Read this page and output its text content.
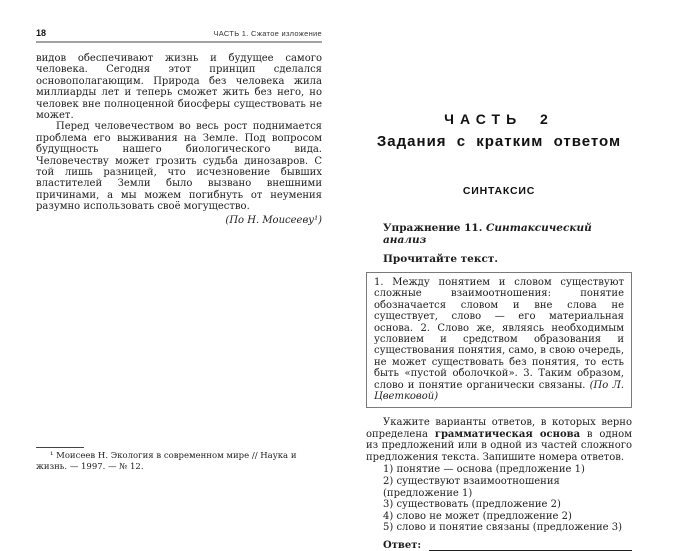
18	ЧАСТЬ 1. Сжатое изложение

видов обеспечивают жизнь и будущее самого человека. Сегодня этот принцип сделался основополагающим. Природа без человека жила миллиарды лет и теперь сможет жить без него, но человек вне полноценной биосферы существовать не может.

Перед человечеством во весь рост поднимается проблема его выживания на Земле. Под вопросом будущность нашего биологического вида. Человечеству может грозить судьба динозавров. С той лишь разницей, что исчезновение бывших властителей Земли было вызвано внешними причинами, а мы можем погибнуть от неумения разумно использовать своё могущество.

(По Н. Моисееву¹)

¹ Моисеев Н. Экология в современном мире // Наука и жизнь. — 1997. — № 12.

ЧАСТЬ 2
Задания с кратким ответом
СИНТАКСИС
Упражнение 11. Синтаксический анализ
Прочитайте текст.
1. Между понятием и словом существуют сложные взаимоотношения: понятие обозначается словом и вне слова не существует, слово — его материальная основа. 2. Слово же, являясь необходимым условием и средством образования и существования понятия, само, в свою очередь, не может существовать без понятия, то есть быть «пустой оболочкой». 3. Таким образом, слово и понятие органически связаны. (По Л. Цветковой)
Укажите варианты ответов, в которых верно определена грамматическая основа в одном из предложений или в одной из частей сложного предложения текста. Запишите номера ответов.
1) понятие — основа (предложение 1)
2) существуют взаимоотношения (предложение 1)
3) существовать (предложение 2)
4) слово не может (предложение 2)
5) слово и понятие связаны (предложение 3)
Ответ:
